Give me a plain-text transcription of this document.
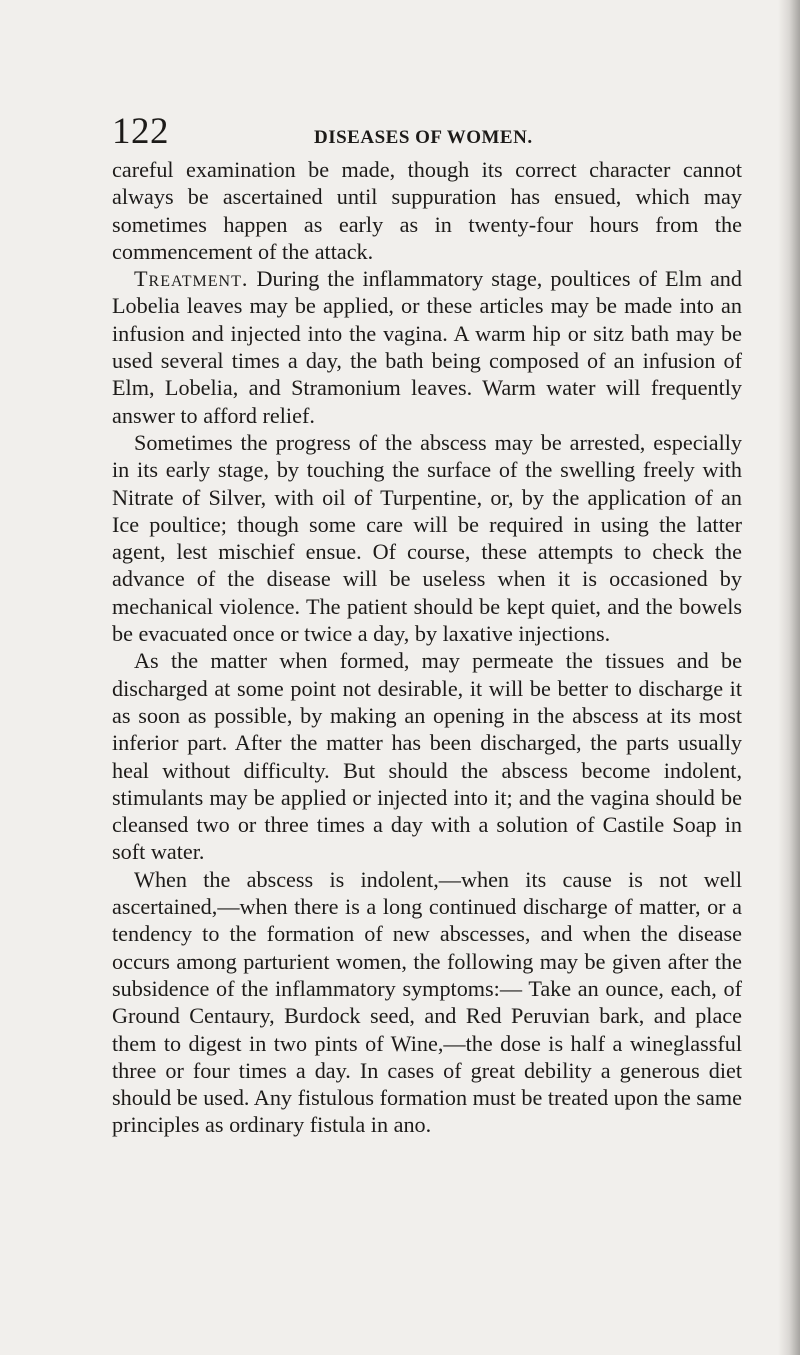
122	DISEASES OF WOMEN.

careful examination be made, though its correct character cannot always be ascertained until suppuration has ensued, which may sometimes happen as early as in twenty-four hours from the commencement of the attack.

Treatment. During the inflammatory stage, poultices of Elm and Lobelia leaves may be applied, or these articles may be made into an infusion and injected into the vagina. A warm hip or sitz bath may be used several times a day, the bath being composed of an infusion of Elm, Lobelia, and Stramonium leaves. Warm water will frequently answer to afford relief.

Sometimes the progress of the abscess may be arrested, especially in its early stage, by touching the surface of the swelling freely with Nitrate of Silver, with oil of Turpentine, or, by the application of an Ice poultice; though some care will be required in using the latter agent, lest mischief ensue. Of course, these attempts to check the advance of the disease will be useless when it is occasioned by mechanical violence. The patient should be kept quiet, and the bowels be evacuated once or twice a day, by laxative injections.

As the matter when formed, may permeate the tissues and be discharged at some point not desirable, it will be better to discharge it as soon as possible, by making an opening in the abscess at its most inferior part. After the matter has been discharged, the parts usually heal without difficulty. But should the abscess become indolent, stimulants may be applied or injected into it; and the vagina should be cleansed two or three times a day with a solution of Castile Soap in soft water.

When the abscess is indolent,—when its cause is not well ascertained,—when there is a long continued discharge of matter, or a tendency to the formation of new abscesses, and when the disease occurs among parturient women, the following may be given after the subsidence of the inflammatory symptoms:— Take an ounce, each, of Ground Centaury, Burdock seed, and Red Peruvian bark, and place them to digest in two pints of Wine,—the dose is half a wineglassful three or four times a day. In cases of great debility a generous diet should be used. Any fistulous formation must be treated upon the same principles as ordinary fistula in ano.
